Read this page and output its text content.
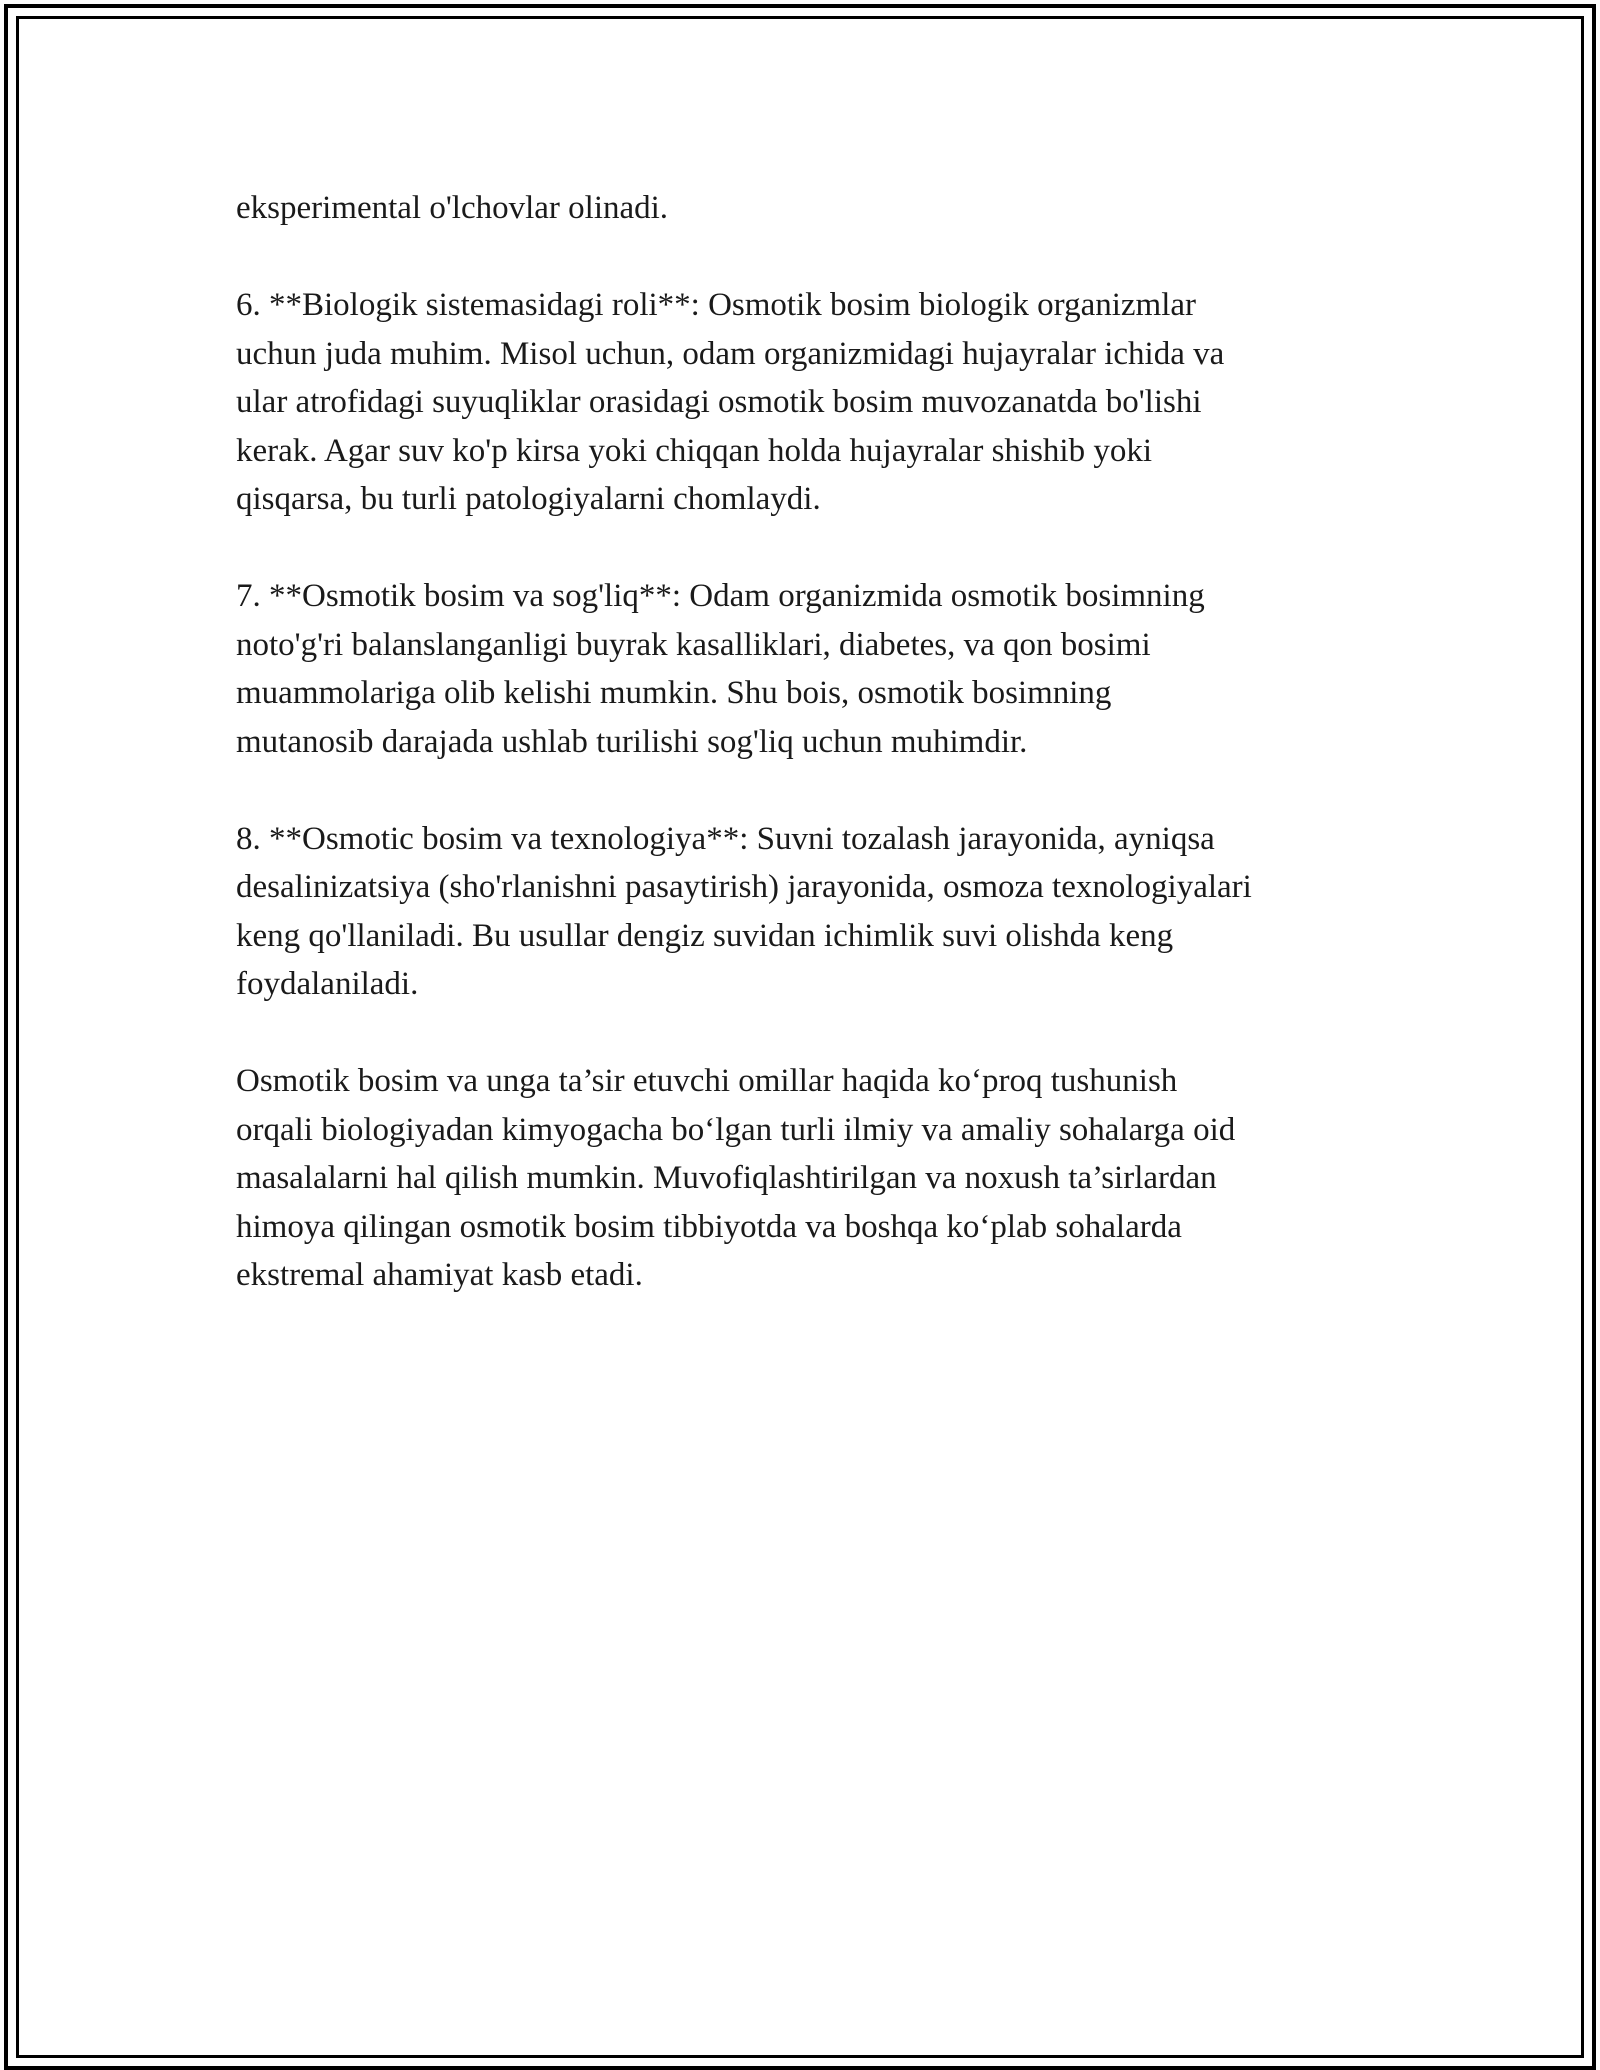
eksperimental o'lchovlar olinadi.

6. **Biologik sistemasidagi roli**: Osmotik bosim biologik organizmlar
uchun juda muhim. Misol uchun, odam organizmidagi hujayralar ichida va
ular atrofidagi suyuqliklar orasidagi osmotik bosim muvozanatda bo'lishi
kerak. Agar suv ko'p kirsa yoki chiqqan holda hujayralar shishib yoki
qisqarsa, bu turli patologiyalarni chomlaydi.

7. **Osmotik bosim va sog'liq**: Odam organizmida osmotik bosimning
noto'g'ri balanslanganligi buyrak kasalliklari, diabetes, va qon bosimi
muammolariga olib kelishi mumkin. Shu bois, osmotik bosimning
mutanosib darajada ushlab turilishi sog'liq uchun muhimdir.

8. **Osmotic bosim va texnologiya**: Suvni tozalash jarayonida, ayniqsa
desalinizatsiya (sho'rlanishni pasaytirish) jarayonida, osmoza texnologiyalari
keng qo'llaniladi. Bu usullar dengiz suvidan ichimlik suvi olishda keng
foydalaniladi.

Osmotik bosim va unga ta’sir etuvchi omillar haqida ko‘proq tushunish
orqali biologiyadan kimyogacha bo‘lgan turli ilmiy va amaliy sohalarga oid
masalalarni hal qilish mumkin. Muvofiqlashtirilgan va noxush ta’sirlardan
himoya qilingan osmotik bosim tibbiyotda va boshqa ko‘plab sohalarda
ekstremal ahamiyat kasb etadi.
